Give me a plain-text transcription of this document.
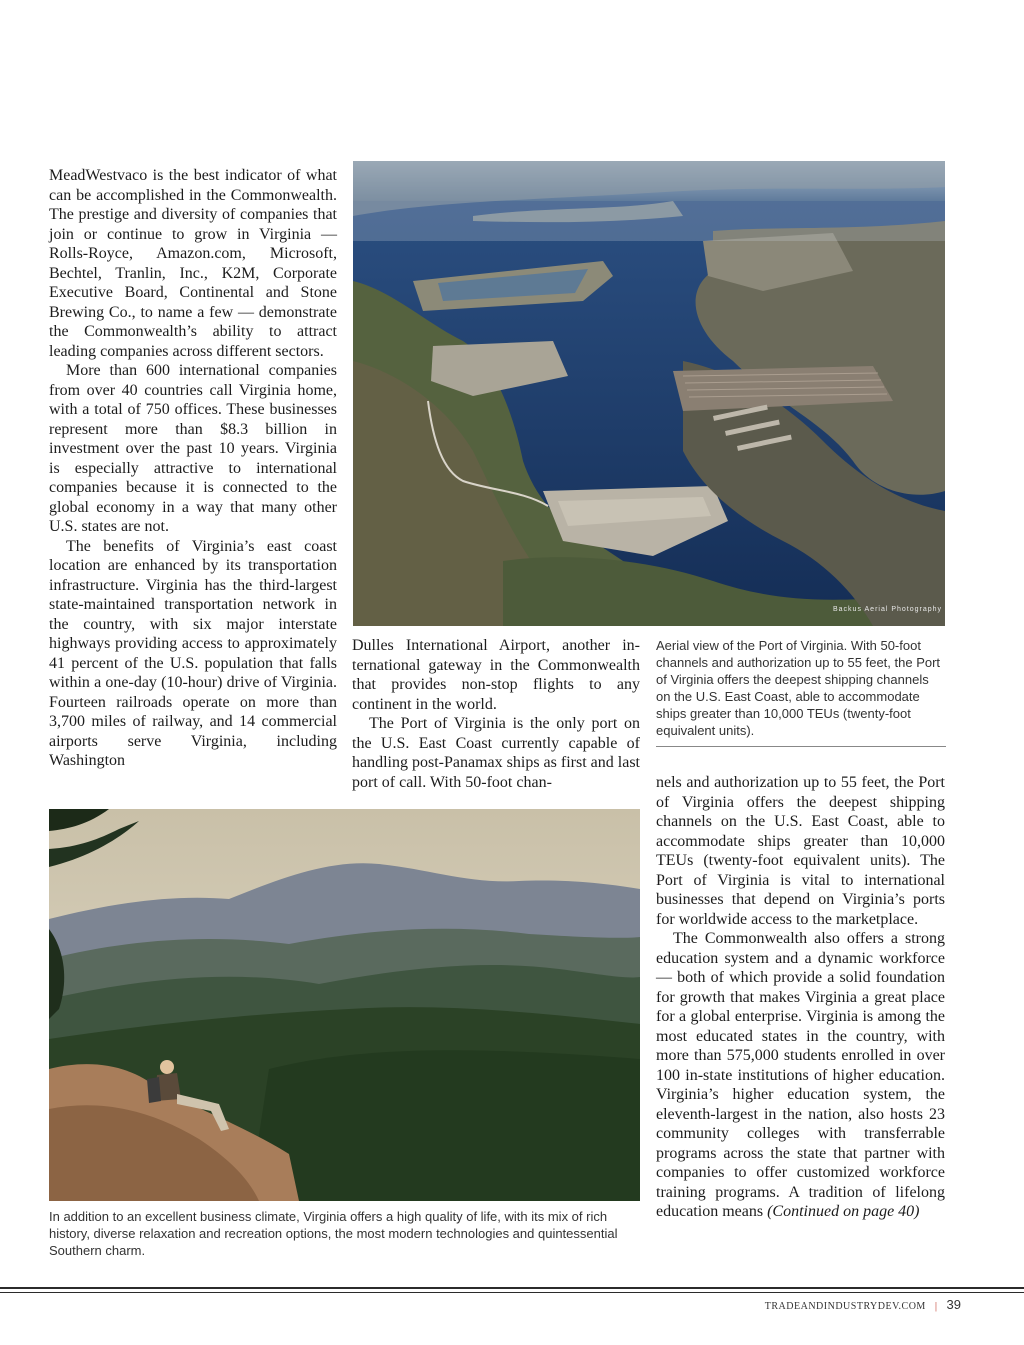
MeadWestvaco is the best indicator of what can be accomplished in the Commonwealth. The prestige and diversity of companies that join or continue to grow in Virginia — Rolls-Royce, Amazon.com, Microsoft, Bechtel, Tranlin, Inc., K2M, Corporate Executive Board, Continental and Stone Brewing Co., to name a few — demonstrate the Commonwealth’s ability to attract leading companies across different sectors.

More than 600 international companies from over 40 countries call Virginia home, with a total of 750 offices. These businesses represent more than $8.3 billion in investment over the past 10 years. Virginia is especially attractive to international companies because it is connected to the global economy in a way that many other U.S. states are not.

The benefits of Virginia’s east coast location are enhanced by its transportation infrastructure. Virginia has the third-largest state-maintained transportation network in the country, with six major interstate highways providing access to approximately 41 percent of the U.S. population that falls within a one-day (10-hour) drive of Virginia. Fourteen railroads operate on more than 3,700 miles of railway, and 14 commercial airports serve Virginia, including Washington

Backus Aerial Photography
Aerial view of the Port of Virginia. With 50-foot channels and authorization up to 55 feet, the Port of Virginia offers the deepest shipping channels on the U.S. East Coast, able to accommodate ships greater than 10,000 TEUs (twenty-foot equivalent units).

Dulles International Airport, another international gateway in the Commonwealth that provides non-stop flights to any continent in the world.

The Port of Virginia is the only port on the U.S. East Coast currently capable of handling post-Panamax ships as first and last port of call. With 50-foot chan-	nels and authorization up to 55 feet, the Port of Virginia offers the deepest shipping channels on the U.S. East Coast, able to accommodate ships greater than 10,000 TEUs (twenty-foot equivalent units). The Port of Virginia is vital to international businesses that depend on Virginia’s ports for worldwide access to the marketplace.

The Commonwealth also offers a strong education system and a dynamic workforce — both of which provide a solid foundation for growth that makes Virginia a great place for a global enterprise. Virginia is among the most educated states in the country, with more than 575,000 students enrolled in over 100 in-state institutions of higher education. Virginia’s higher education system, the eleventh-largest in the nation, also hosts 23 community colleges with transferrable programs across the state that partner with companies to offer customized workforce training programs. A tradition of lifelong education means (Continued on page 40)

In addition to an excellent business climate, Virginia offers a high quality of life, with its mix of rich history, diverse relaxation and recreation options, the most modern technologies and quintessential Southern charm.
TRADEANDINDUSTRYDEV.COM | 39
